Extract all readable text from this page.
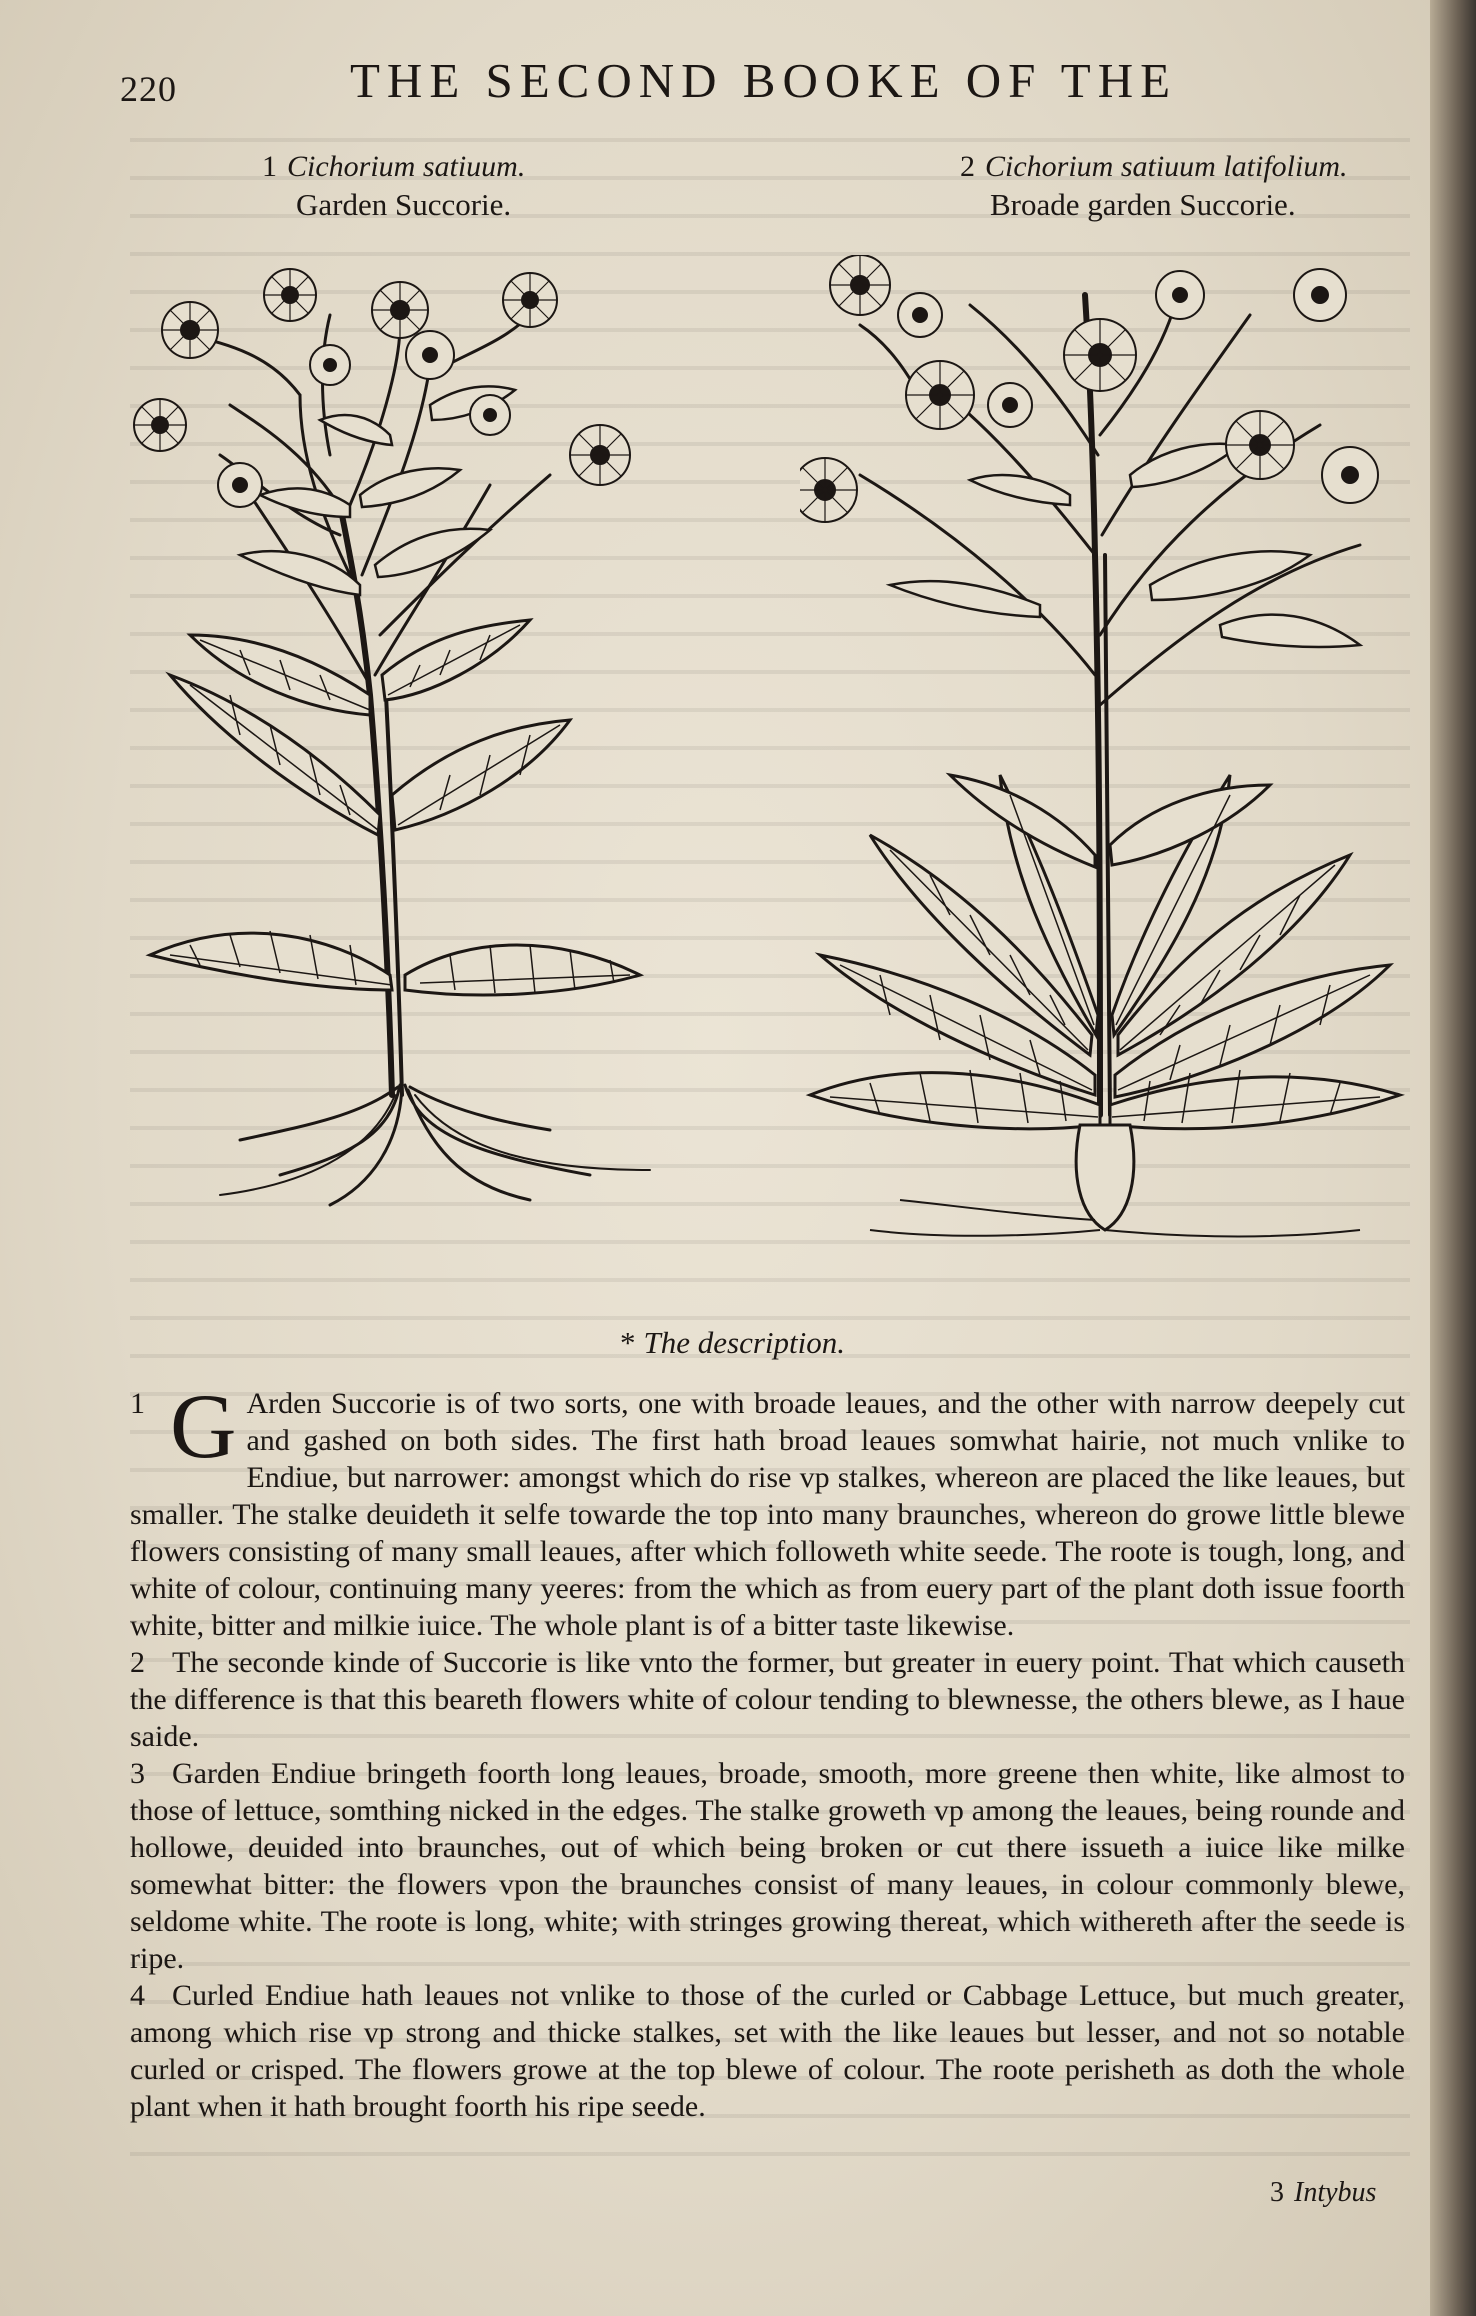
220	THE SECOND BOOKE OF THE
1 Cichorium satiuum.
Garden Succorie.
2 Cichorium satiuum latifolium.
Broade garden Succorie.
* The description.

1 G Arden Succorie is of two sorts, one with broade leaues, and the other with narrow deepely cut and gashed on both sides. The first hath broad leaues somwhat hairie, not much vnlike to Endiue, but narrower: amongst which do rise vp stalkes, whereon are placed the like leaues, but smaller. The stalke deuideth it selfe towarde the top into many braunches, whereon do growe little blewe flowers consisting of many small leaues, after which followeth white seede. The roote is tough, long, and white of colour, continuing many yeeres: from the which as from euery part of the plant doth issue foorth white, bitter and milkie iuice. The whole plant is of a bitter taste likewise.

2 The seconde kinde of Succorie is like vnto the former, but greater in euery point. That which causeth the difference is that this beareth flowers white of colour tending to blewnesse, the others blewe, as I haue saide.

3 Garden Endiue bringeth foorth long leaues, broade, smooth, more greene then white, like almost to those of lettuce, somthing nicked in the edges. The stalke groweth vp among the leaues, being rounde and hollowe, deuided into braunches, out of which being broken or cut there issueth a iuice like milke somewhat bitter: the flowers vpon the braunches consist of many leaues, in colour commonly blewe, seldome white. The roote is long, white; with stringes growing thereat, which withereth after the seede is ripe.

4 Curled Endiue hath leaues not vnlike to those of the curled or Cabbage Lettuce, but much greater, among which rise vp strong and thicke stalkes, set with the like leaues but lesser, and not so notable curled or crisped. The flowers growe at the top blewe of colour. The roote perisheth as doth the whole plant when it hath brought foorth his ripe seede.

3 Intybus
